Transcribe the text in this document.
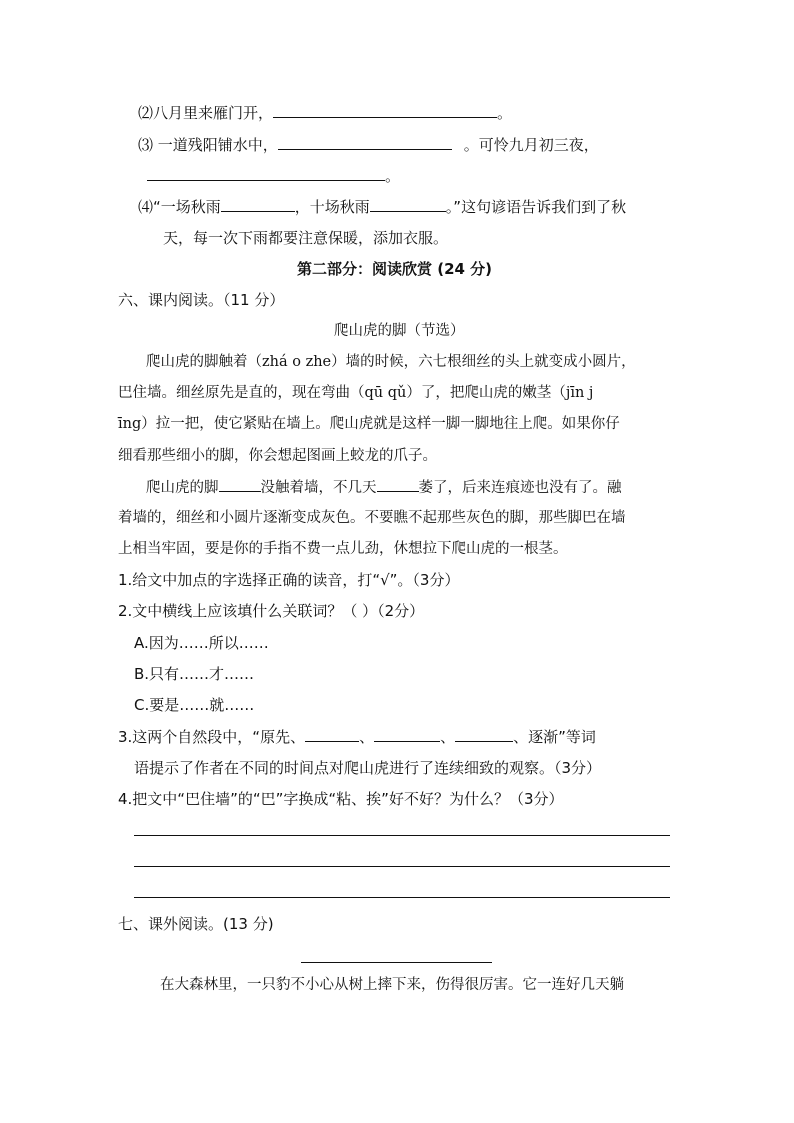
⑵八月里来雁门开，	。
⑶ 一道残阳铺水中，	。可怜九月初三夜，
。
⑷“一场秋雨	，十场秋雨	。”这句谚语告诉我们到了秋
天，每一次下雨都要注意保暖，添加衣服。
第二部分：阅读欣赏 (24 分)
六、课内阅读。（11 分）
爬山虎的脚（节选）
爬山虎的脚触着（zhá o zhe）墙的时候，六七根细丝的头上就变成小圆片，
巴住墙。细丝原先是直的，现在弯曲（qū qǔ）了，把爬山虎的嫩茎（jīn j
īng）拉一把，使它紧贴在墙上。爬山虎就是这样一脚一脚地往上爬。如果你仔
细看那些细小的脚，你会想起图画上蛟龙的爪子。
爬山虎的脚	没触着墙，不几天	萎了，后来连痕迹也没有了。融
着墙的，细丝和小圆片逐渐变成灰色。不要瞧不起那些灰色的脚，那些脚巴在墙
上相当牢固，要是你的手指不费一点儿劲，休想拉下爬山虎的一根茎。
1.给文中加点的字选择正确的读音，打“√”。（3分）
2.文中横线上应该填什么关联词？（ ）（2分）
A.因为……所以……
B.只有……才……
C.要是……就……
3.这两个自然段中，“原先、	、	、	、逐渐”等词
语提示了作者在不同的时间点对爬山虎进行了连续细致的观察。（3分）
4.把文中“巴住墙”的“巴”字换成“粘、挨”好不好？为什么？（3分）
七、课外阅读。(13 分)
在大森林里，一只豹不小心从树上摔下来，伤得很厉害。它一连好几天躺
